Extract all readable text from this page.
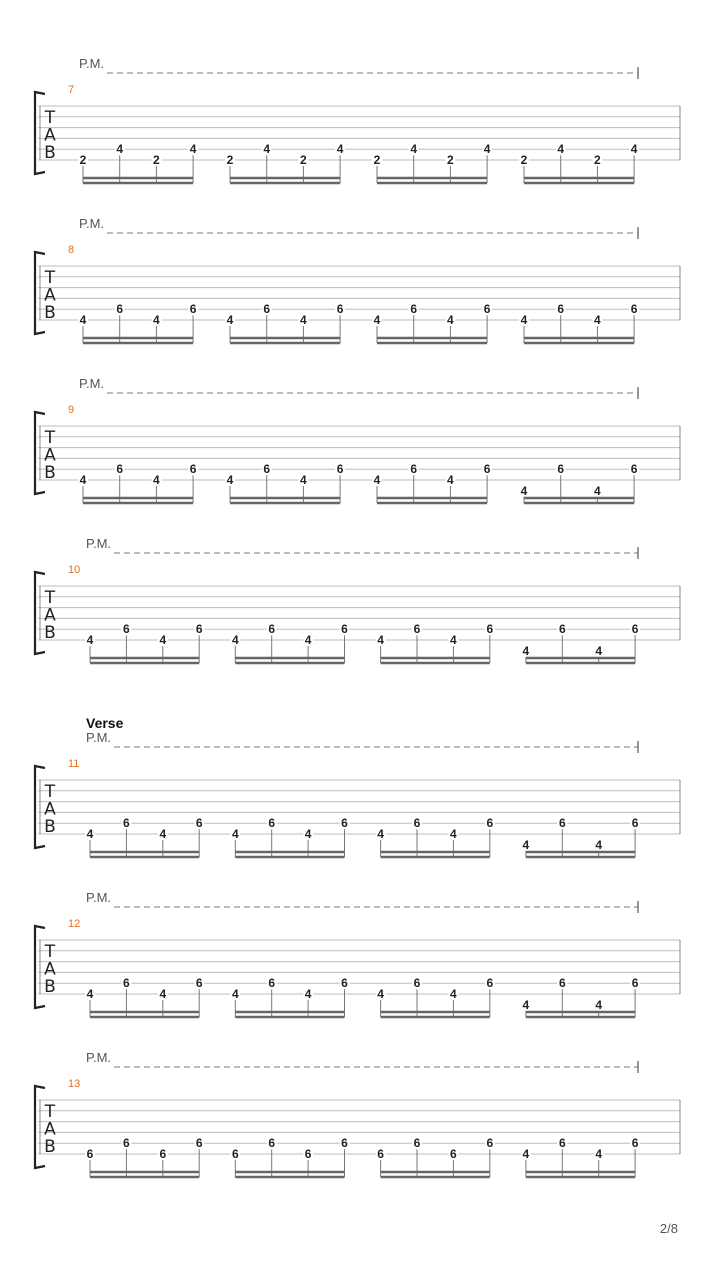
P.M.
7
T
A
B 2
4
2
4
2
4
2
4
2
4
2
4
2
4
2
4
P.M.
8
T
A
B 4
6
4
6
4
6
4
6
4
6
4
6
4
6
4
6
P.M.
9
T
A
B 4
6
4
6
4
6
4
6
4
6
4
6
4
6
4
6
P.M.
10
T
A
B	4
6
4
6
4
6
4
6
4
6
4
6
4
6
4
6
Verse
P.M.
11
T
A
B	4
6
4
6
4
6
4
6
4
6
4
6
4
6
4
6
P.M.
12
T
A
B	4
6
4
6
4
6
4
6
4
6
4
6
4
6
4
6
P.M.
13
T
A
B	6
6
6
6
6
6
6
6
6
6
6
6
4
6
4
6
2/8
